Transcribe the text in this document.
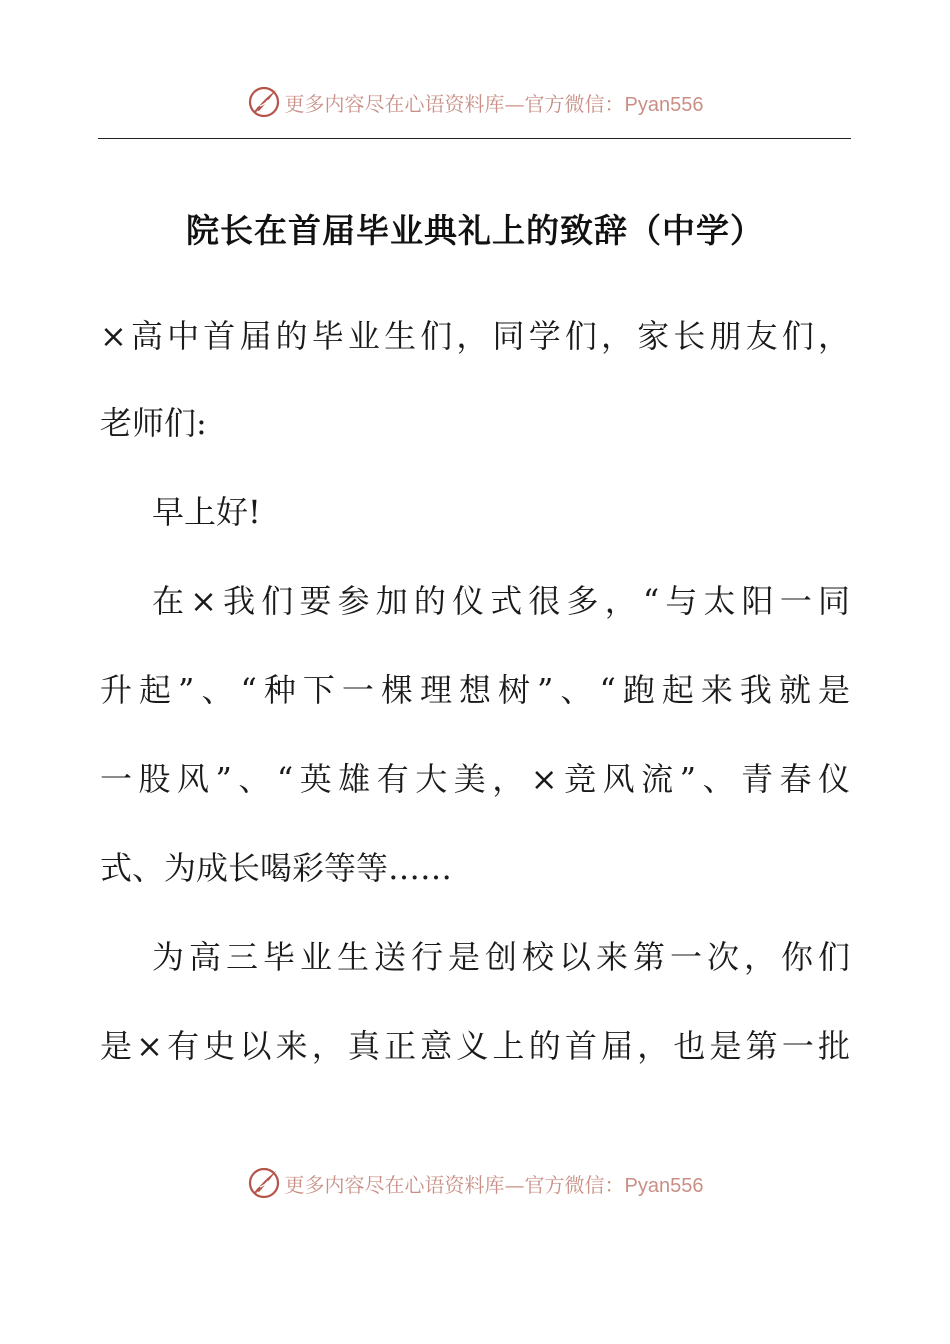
更多内容尽在心语资料库—官方微信：Pyan556
院长在首届毕业典礼上的致辞（中学）
×高中首届的毕业生们，同学们，家长朋友们，
老师们:
早上好!
在×我们要参加的仪式很多，“与太阳一同
升起”、“种下一棵理想树”、“跑起来我就是
一股风”、“英雄有大美，×竞风流”、青春仪
式、为成长喝彩等等……
为高三毕业生送行是创校以来第一次，你们
是×有史以来，真正意义上的首届，也是第一批
更多内容尽在心语资料库—官方微信：Pyan556
